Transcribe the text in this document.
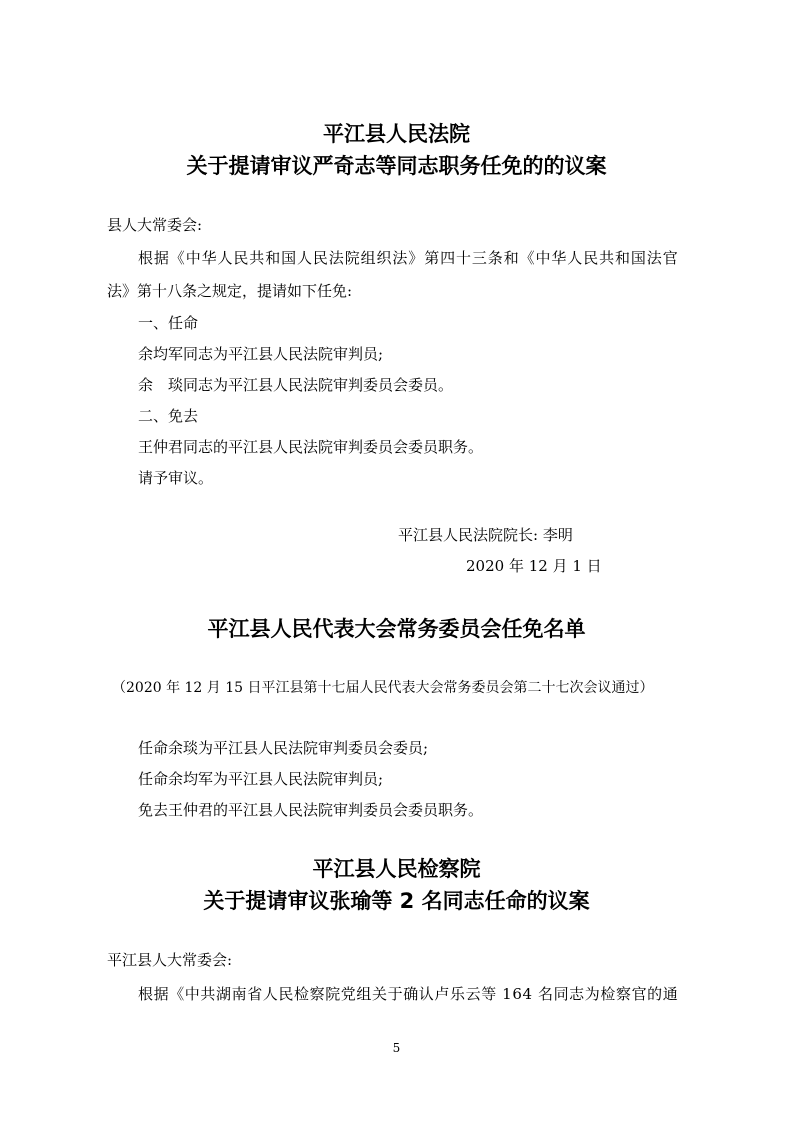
平江县人民法院
关于提请审议严奇志等同志职务任免的的议案

县人大常委会:

根据《中华人民共和国人民法院组织法》第四十三条和《中华人民共和国法官

法》第十八条之规定，提请如下任免:

一、任命

余均军同志为平江县人民法院审判员;

余　琰同志为平江县人民法院审判委员会委员。

二、免去

王仲君同志的平江县人民法院审判委员会委员职务。

请予审议。

平江县人民法院院长: 李明

2020 年 12 月 1 日

平江县人民代表大会常务委员会任免名单

（2020 年 12 月 15 日平江县第十七届人民代表大会常务委员会第二十七次会议通过）

任命余琰为平江县人民法院审判委员会委员;

任命余均军为平江县人民法院审判员;

免去王仲君的平江县人民法院审判委员会委员职务。

平江县人民检察院
关于提请审议张瑜等 2 名同志任命的议案

平江县人大常委会:

根据《中共湖南省人民检察院党组关于确认卢乐云等 164 名同志为检察官的通

5
